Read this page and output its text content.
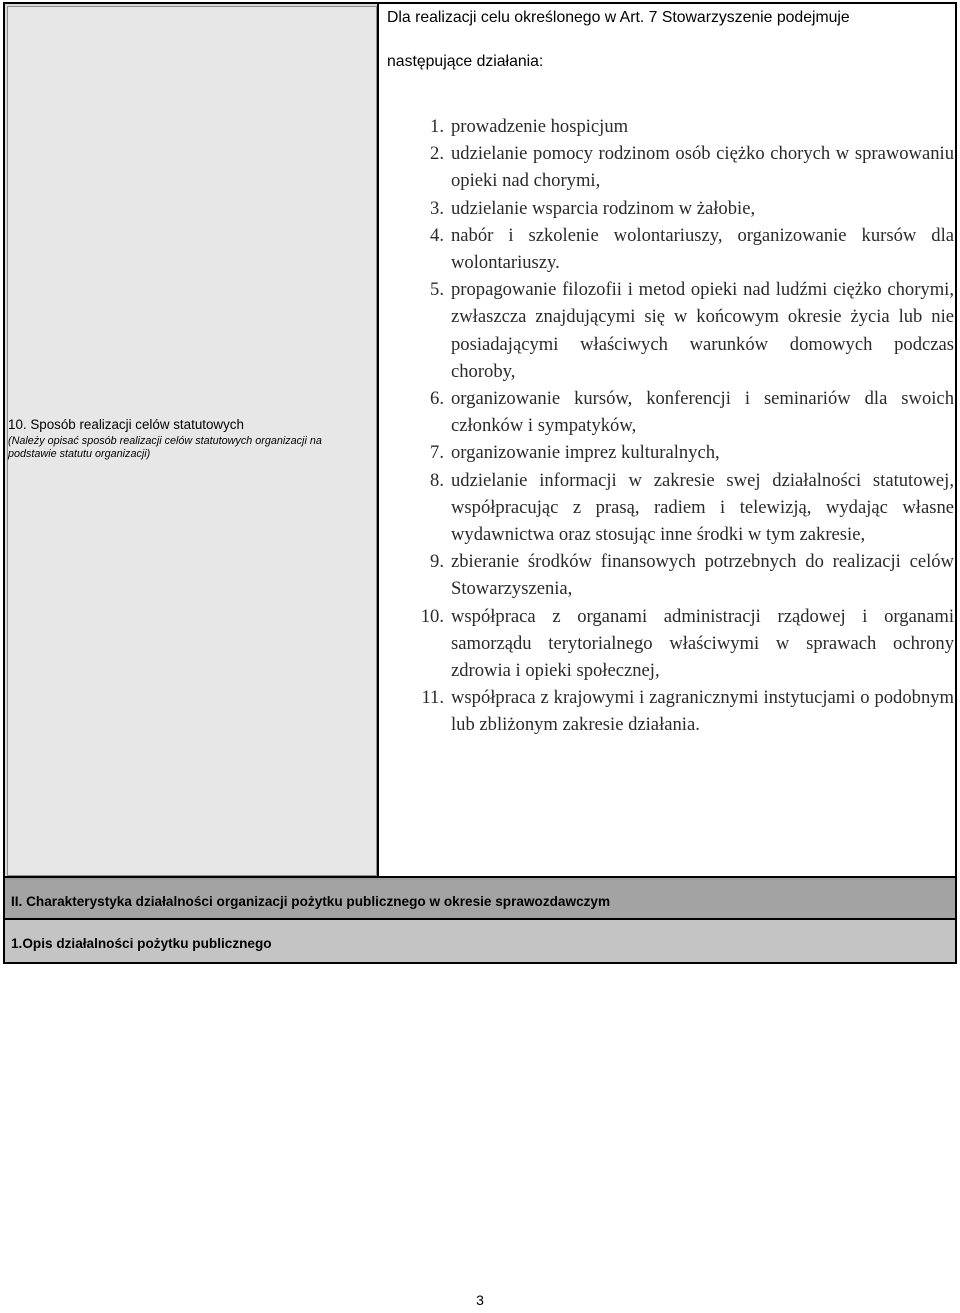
10. Sposób realizacji celów statutowych
(Należy opisać sposób realizacji celów statutowych organizacji na podstawie statutu organizacji)
Dla realizacji celu określonego w Art. 7 Stowarzyszenie podejmuje
następujące działania:
1. prowadzenie hospicjum
2. udzielanie pomocy rodzinom osób ciężko chorych w sprawowaniu opieki nad chorymi,
3. udzielanie wsparcia rodzinom w żałobie,
4. nabór i szkolenie wolontariuszy, organizowanie kursów dla wolontariuszy.
5. propagowanie filozofii i metod opieki nad ludźmi ciężko chorymi, zwłaszcza znajdującymi się w końcowym okresie życia lub nie posiadającymi właściwych warunków domowych podczas choroby,
6. organizowanie kursów, konferencji i seminariów dla swoich członków i sympatyków,
7. organizowanie imprez kulturalnych,
8. udzielanie informacji w zakresie swej działalności statutowej, współpracując z prasą, radiem i telewizją, wydając własne wydawnictwa oraz stosując inne środki w tym zakresie,
9. zbieranie środków finansowych potrzebnych do realizacji celów Stowarzyszenia,
10. współpraca z organami administracji rządowej i organami samorządu terytorialnego właściwymi w sprawach ochrony zdrowia i opieki społecznej,
11. współpraca z krajowymi i zagranicznymi instytucjami o podobnym lub zbliżonym zakresie działania.
II. Charakterystyka działalności organizacji pożytku publicznego w okresie sprawozdawczym
1.Opis działalności pożytku publicznego
3
